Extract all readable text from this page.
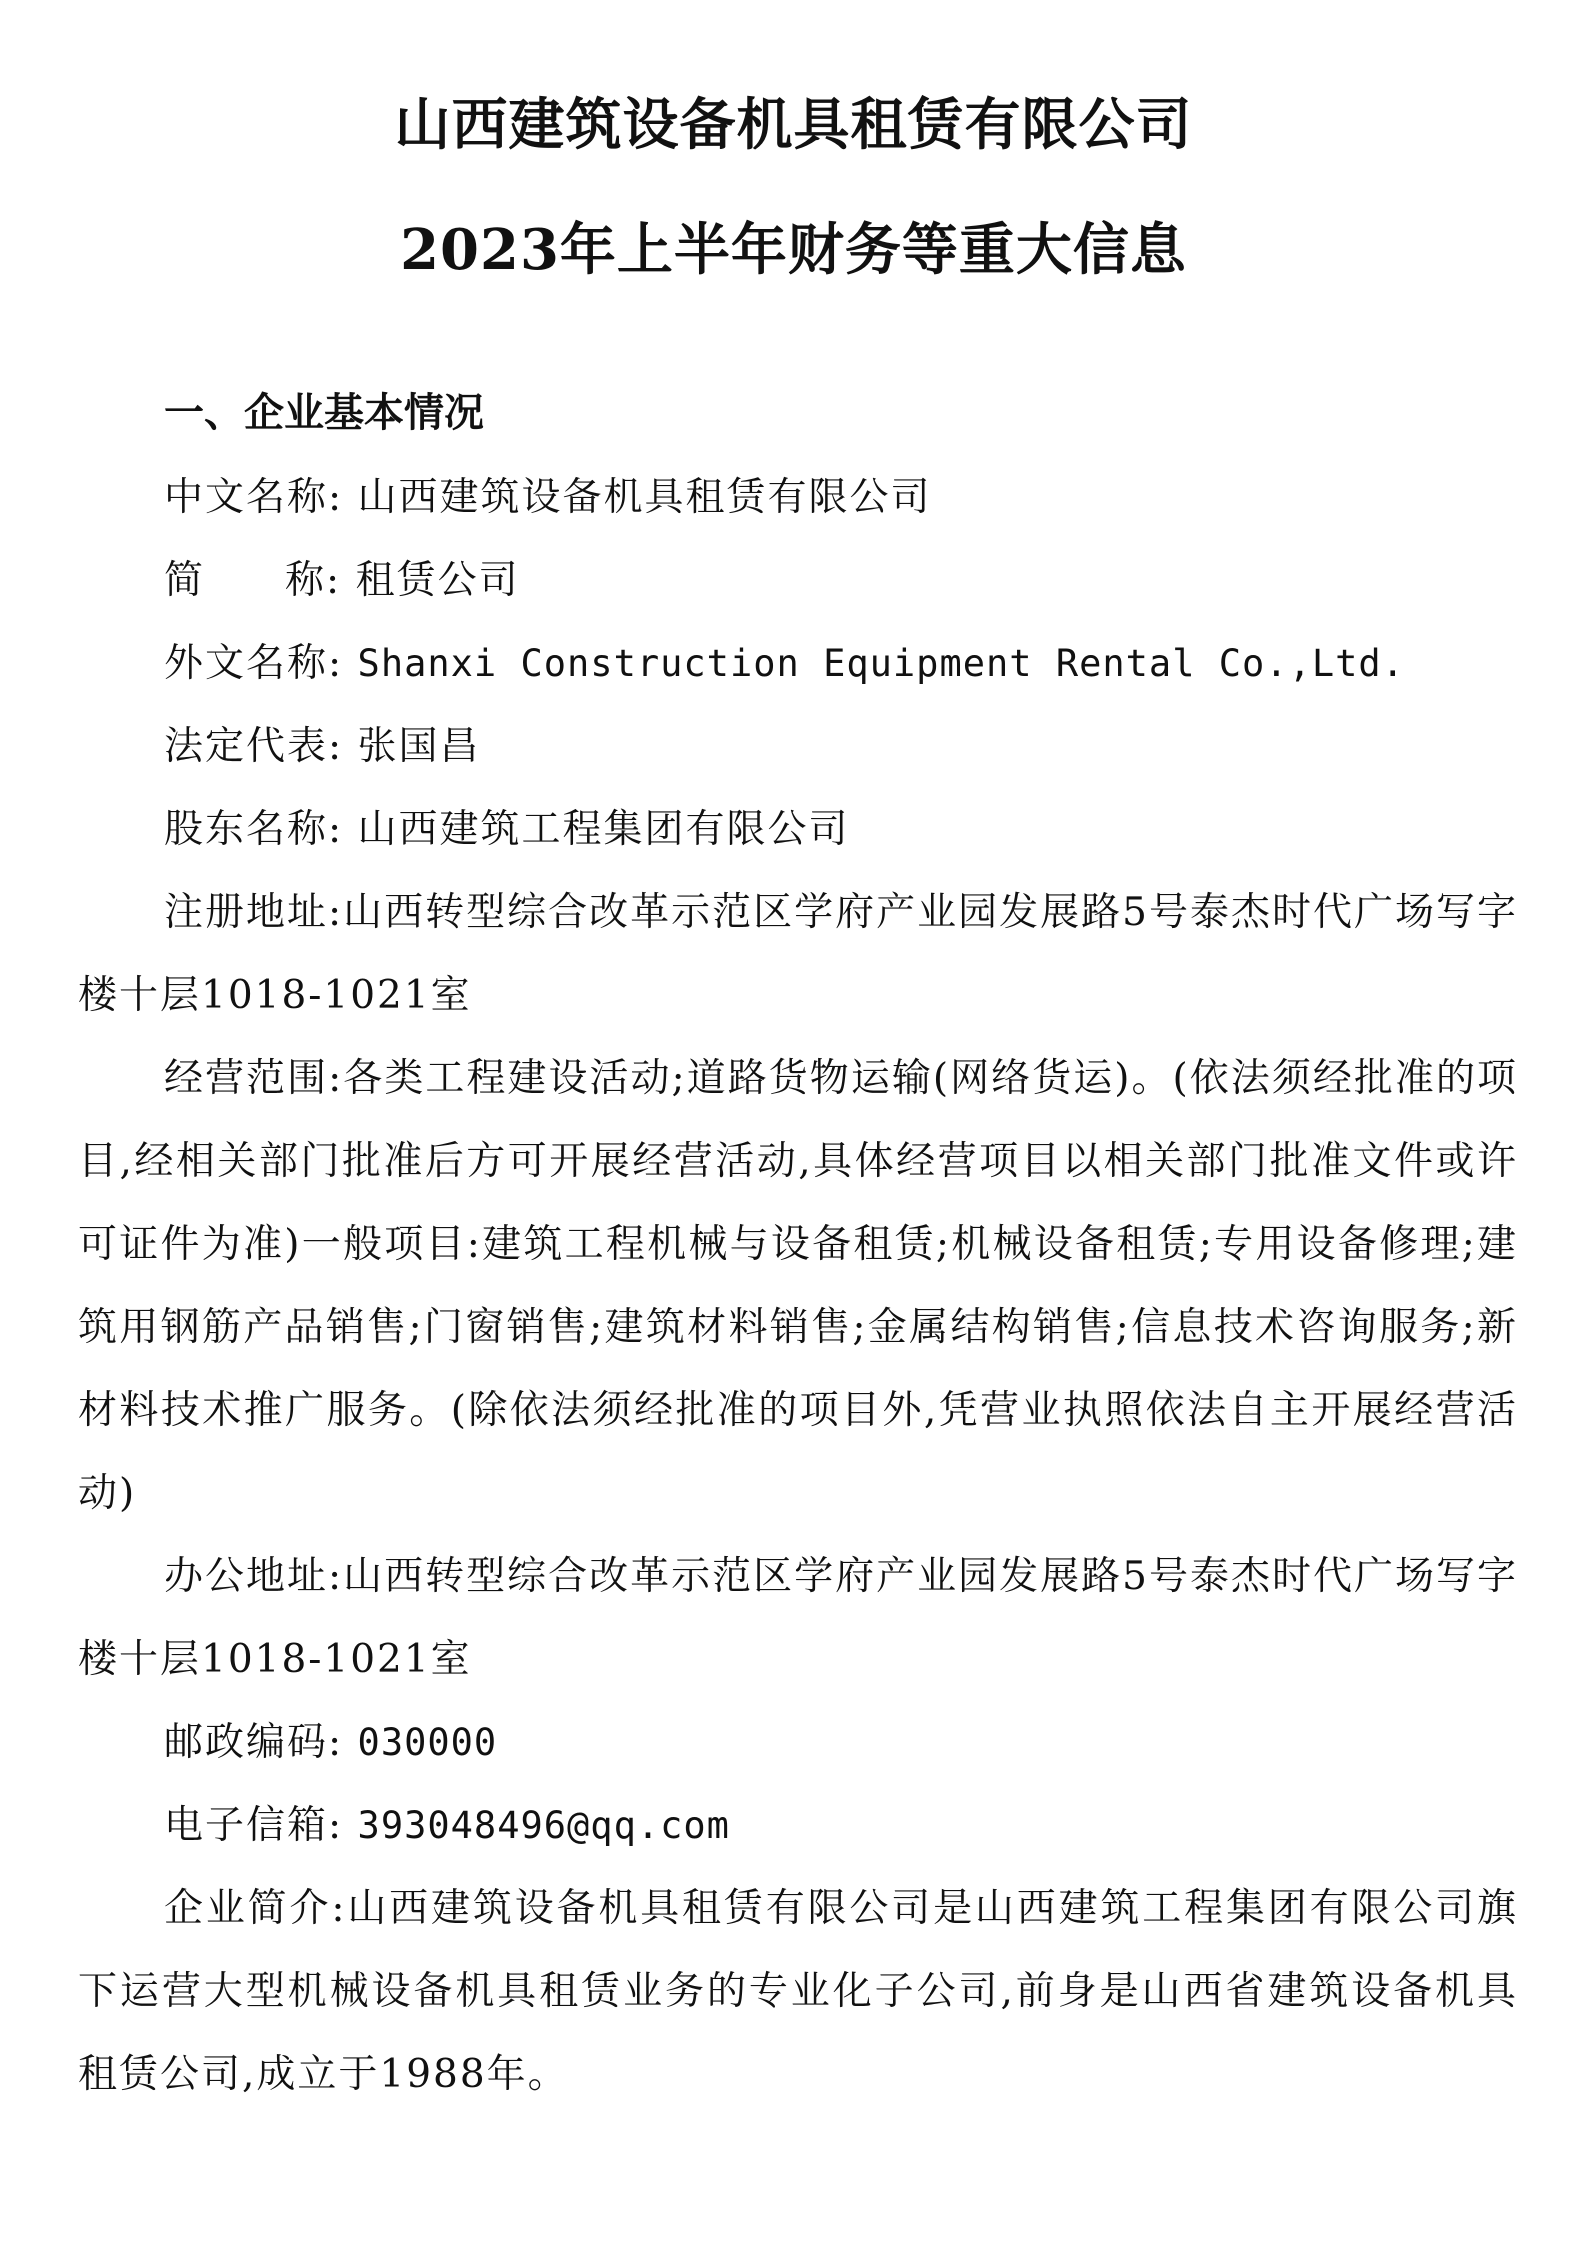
山西建筑设备机具租赁有限公司
2023年上半年财务等重大信息
一、企业基本情况

中文名称: 山西建筑设备机具租赁有限公司

简 称: 租赁公司

外文名称: Shanxi Construction Equipment Rental Co.,Ltd.

法定代表: 张国昌

股东名称: 山西建筑工程集团有限公司

注册地址:山西转型综合改革示范区学府产业园发展路5号泰杰时代广场写字楼十层1018-1021室

经营范围:各类工程建设活动;道路货物运输(网络货运)。(依法须经批准的项目,经相关部门批准后方可开展经营活动,具体经营项目以相关部门批准文件或许可证件为准)一般项目:建筑工程机械与设备租赁;机械设备租赁;专用设备修理;建筑用钢筋产品销售;门窗销售;建筑材料销售;金属结构销售;信息技术咨询服务;新材料技术推广服务。(除依法须经批准的项目外,凭营业执照依法自主开展经营活动)

办公地址:山西转型综合改革示范区学府产业园发展路5号泰杰时代广场写字楼十层1018-1021室

邮政编码: 030000

电子信箱: 393048496@qq.com

企业简介:山西建筑设备机具租赁有限公司是山西建筑工程集团有限公司旗下运营大型机械设备机具租赁业务的专业化子公司,前身是山西省建筑设备机具租赁公司,成立于1988年。
